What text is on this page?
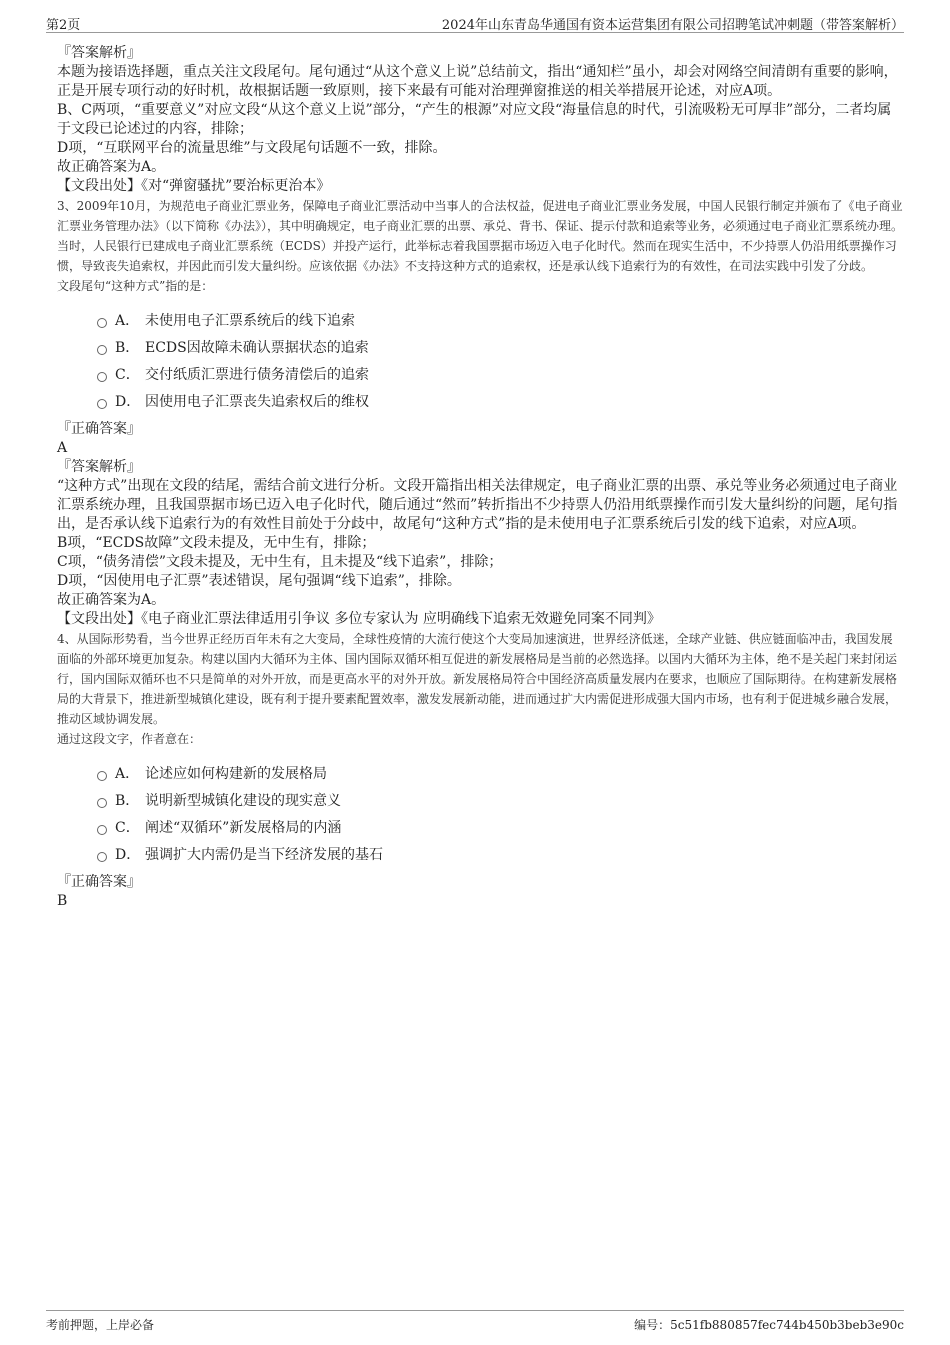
第2页	2024年山东青岛华通国有资本运营集团有限公司招聘笔试冲刺题（带答案解析）
『答案解析』

本题为接语选择题，重点关注文段尾句。尾句通过“从这个意义上说”总结前文，指出“通知栏”虽小，却会对网络空间清朗有重要的影响，正是开展专项行动的好时机，故根据话题一致原则，接下来最有可能对治理弹窗推送的相关举措展开论述，对应A项。

B、C两项，“重要意义”对应文段“从这个意义上说”部分，“产生的根源”对应文段“海量信息的时代，引流吸粉无可厚非”部分，二者均属于文段已论述过的内容，排除；

D项，“互联网平台的流量思维”与文段尾句话题不一致，排除。

故正确答案为A。

【文段出处】《对“弹窗骚扰”要治标更治本》

3、2009年10月，为规范电子商业汇票业务，保障电子商业汇票活动中当事人的合法权益，促进电子商业汇票业务发展，中国人民银行制定并颁布了《电子商业汇票业务管理办法》（以下简称《办法》），其中明确规定，电子商业汇票的出票、承兑、背书、保证、提示付款和追索等业务，必须通过电子商业汇票系统办理。当时，人民银行已建成电子商业汇票系统（ECDS）并投产运行，此举标志着我国票据市场迈入电子化时代。然而在现实生活中，不少持票人仍沿用纸票操作习惯，导致丧失追索权，并因此而引发大量纠纷。应该依据《办法》不支持这种方式的追索权，还是承认线下追索行为的有效性，在司法实践中引发了分歧。

文段尾句“这种方式”指的是：

A． 未使用电子汇票系统后的线下追索
B． ECDS因故障未确认票据状态的追索
C． 交付纸质汇票进行债务清偿后的追索
D． 因使用电子汇票丧失追索权后的维权
『正确答案』
A
『答案解析』

“这种方式”出现在文段的结尾，需结合前文进行分析。文段开篇指出相关法律规定，电子商业汇票的出票、承兑等业务必须通过电子商业汇票系统办理，且我国票据市场已迈入电子化时代，随后通过“然而”转折指出不少持票人仍沿用纸票操作而引发大量纠纷的问题，尾句指出，是否承认线下追索行为的有效性目前处于分歧中，故尾句“这种方式”指的是未使用电子汇票系统后引发的线下追索，对应A项。

B项，“ECDS故障”文段未提及，无中生有，排除；

C项，“债务清偿”文段未提及，无中生有，且未提及“线下追索”，排除；

D项，“因使用电子汇票”表述错误，尾句强调“线下追索”，排除。

故正确答案为A。

【文段出处】《电子商业汇票法律适用引争议 多位专家认为 应明确线下追索无效避免同案不同判》

4、从国际形势看，当今世界正经历百年未有之大变局，全球性疫情的大流行使这个大变局加速演进，世界经济低迷，全球产业链、供应链面临冲击，我国发展面临的外部环境更加复杂。构建以国内大循环为主体、国内国际双循环相互促进的新发展格局是当前的必然选择。以国内大循环为主体，绝不是关起门来封闭运行，国内国际双循环也不只是简单的对外开放，而是更高水平的对外开放。新发展格局符合中国经济高质量发展内在要求，也顺应了国际期待。在构建新发展格局的大背景下，推进新型城镇化建设，既有利于提升要素配置效率，激发发展新动能，进而通过扩大内需促进形成强大国内市场，也有利于促进城乡融合发展，推动区域协调发展。

通过这段文字，作者意在：

A． 论述应如何构建新的发展格局
B． 说明新型城镇化建设的现实意义
C． 阐述“双循环”新发展格局的内涵
D． 强调扩大内需仍是当下经济发展的基石
『正确答案』
B
考前押题，上岸必备	编号：5c51fb880857fec744b450b3beb3e90c
